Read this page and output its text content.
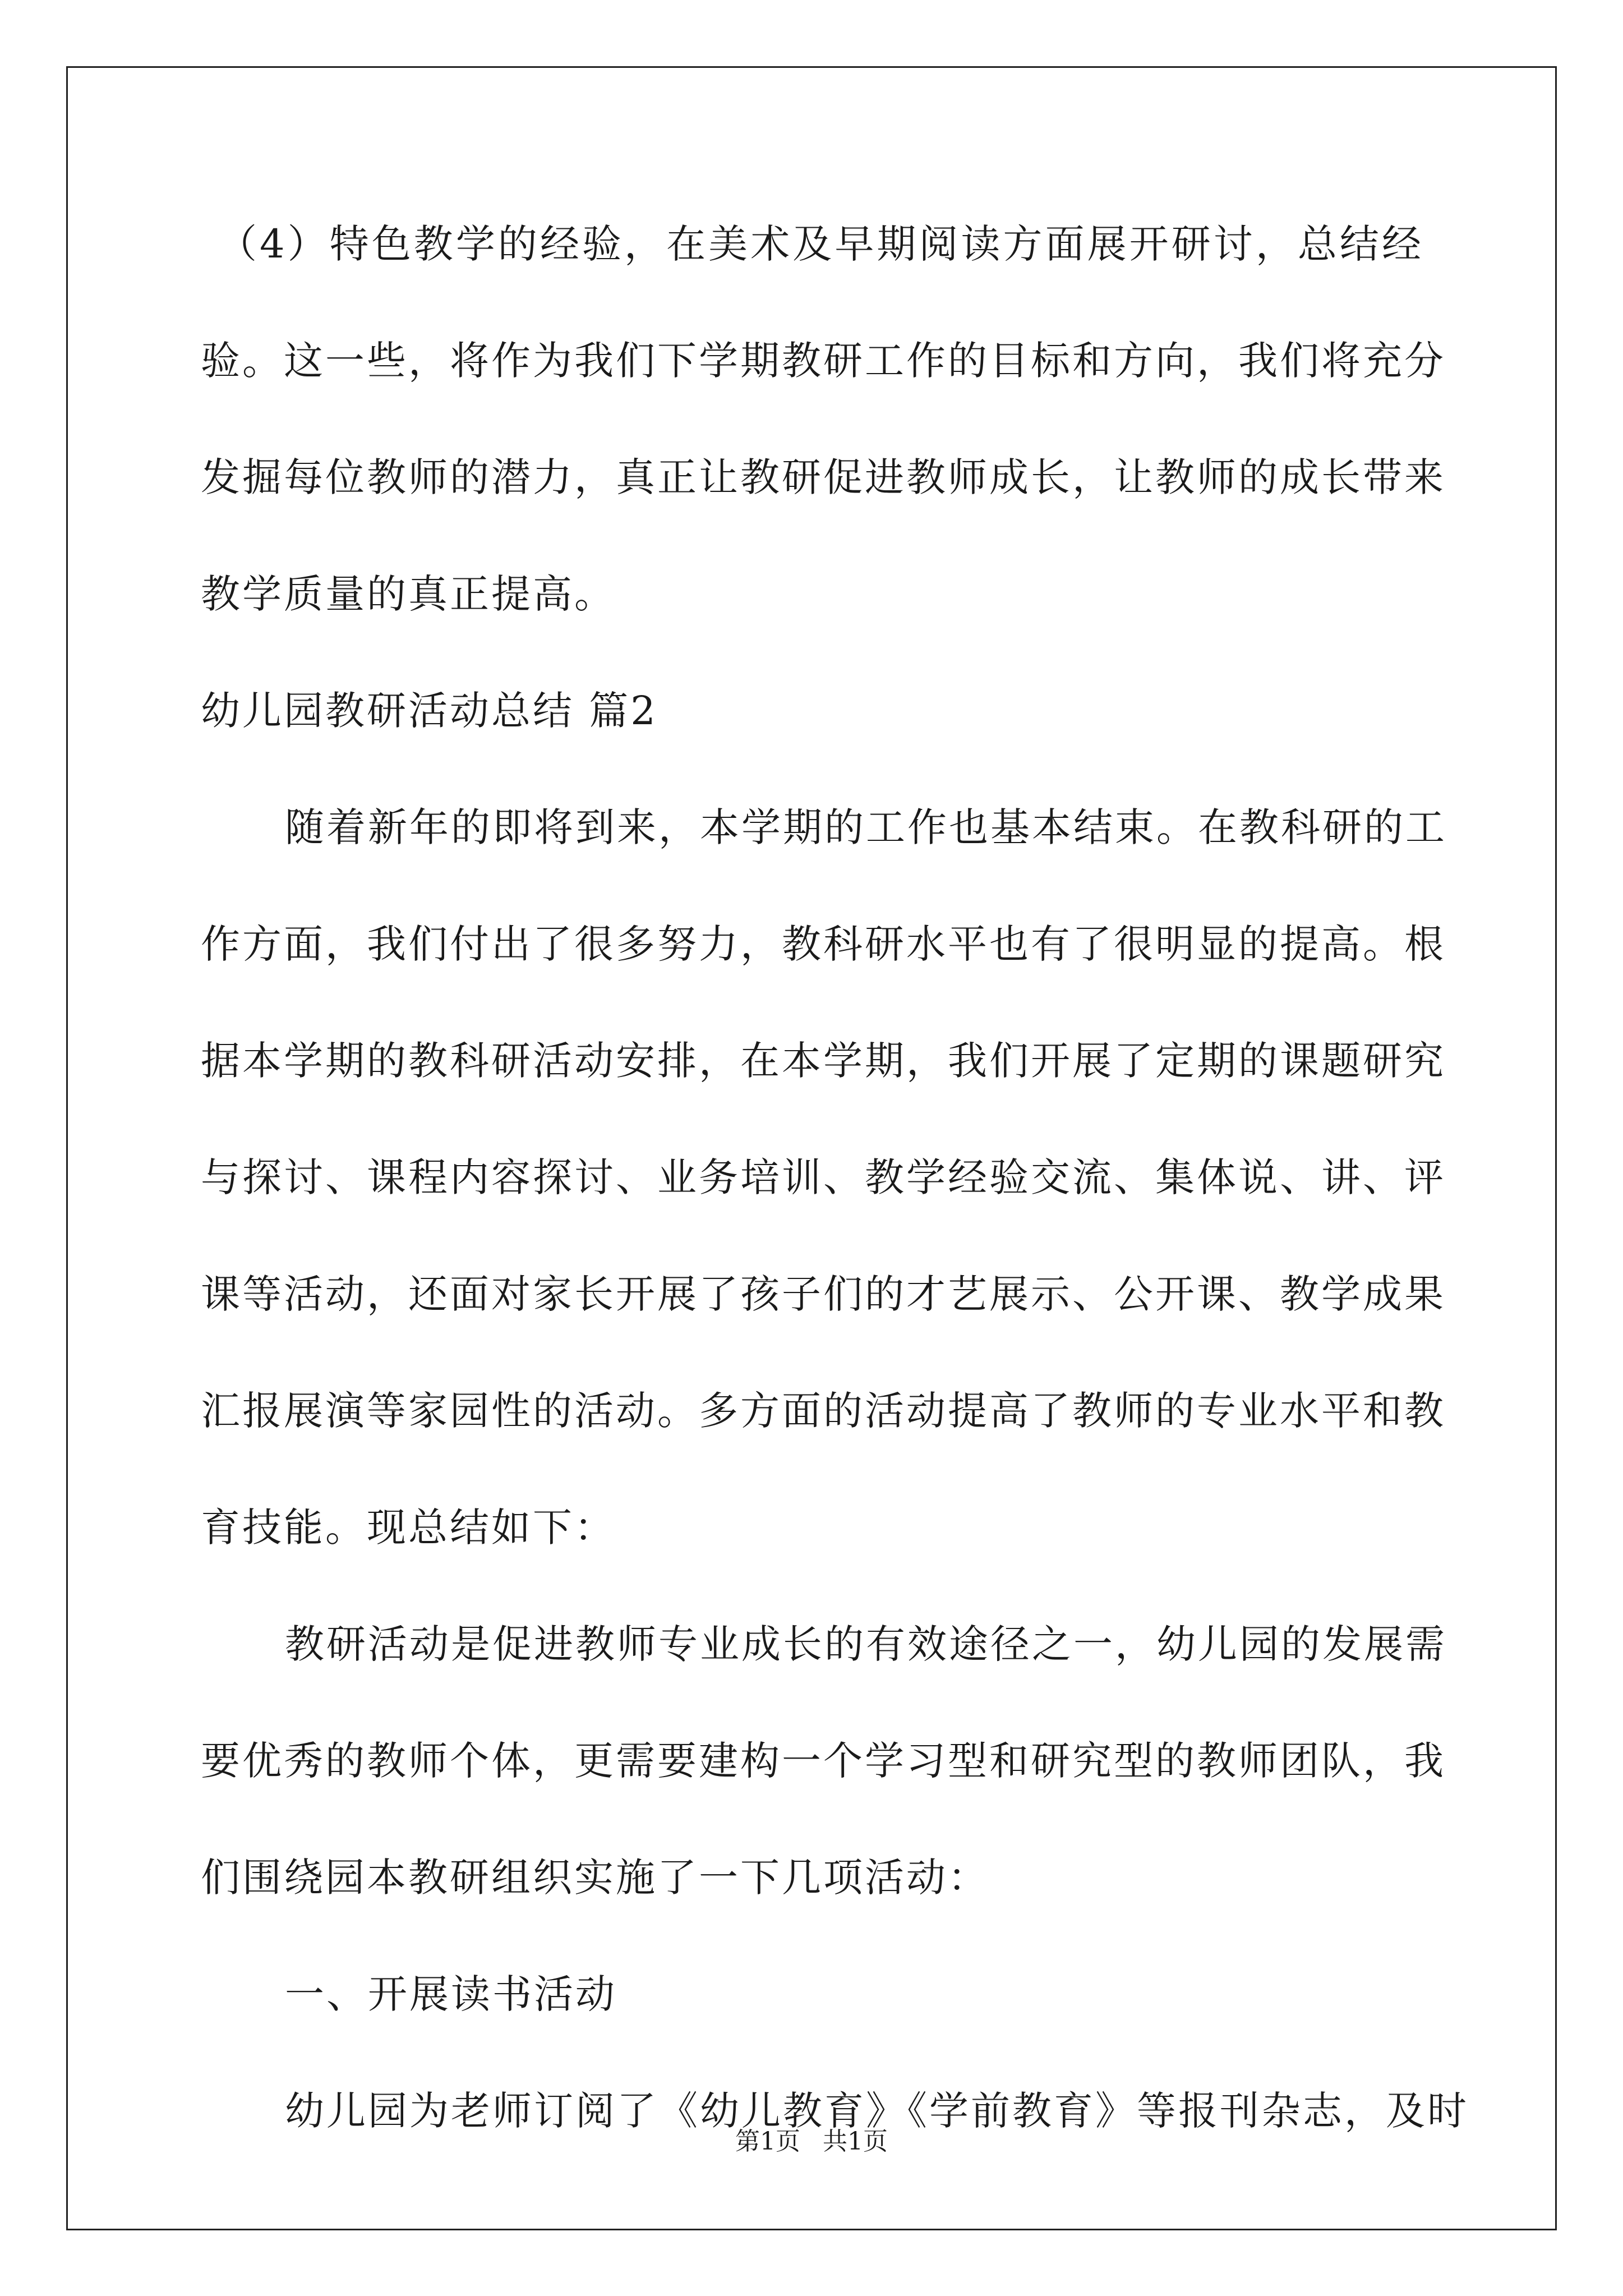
（4）特色教学的经验，在美术及早期阅读方面展开研讨，总结经
验。这一些，将作为我们下学期教研工作的目标和方向，我们将充分
发掘每位教师的潜力，真正让教研促进教师成长，让教师的成长带来
教学质量的真正提高。
幼儿园教研活动总结 篇2
随着新年的即将到来，本学期的工作也基本结束。在教科研的工
作方面，我们付出了很多努力，教科研水平也有了很明显的提高。根
据本学期的教科研活动安排，在本学期，我们开展了定期的课题研究
与探讨、课程内容探讨、业务培训、教学经验交流、集体说、讲、评
课等活动，还面对家长开展了孩子们的才艺展示、公开课、教学成果
汇报展演等家园性的活动。多方面的活动提高了教师的专业水平和教
育技能。现总结如下：
教研活动是促进教师专业成长的有效途径之一，幼儿园的发展需
要优秀的教师个体，更需要建构一个学习型和研究型的教师团队，我
们围绕园本教研组织实施了一下几项活动：
一、开展读书活动
幼儿园为老师订阅了《幼儿教育》《学前教育》等报刊杂志，及时
第1页 共1页
